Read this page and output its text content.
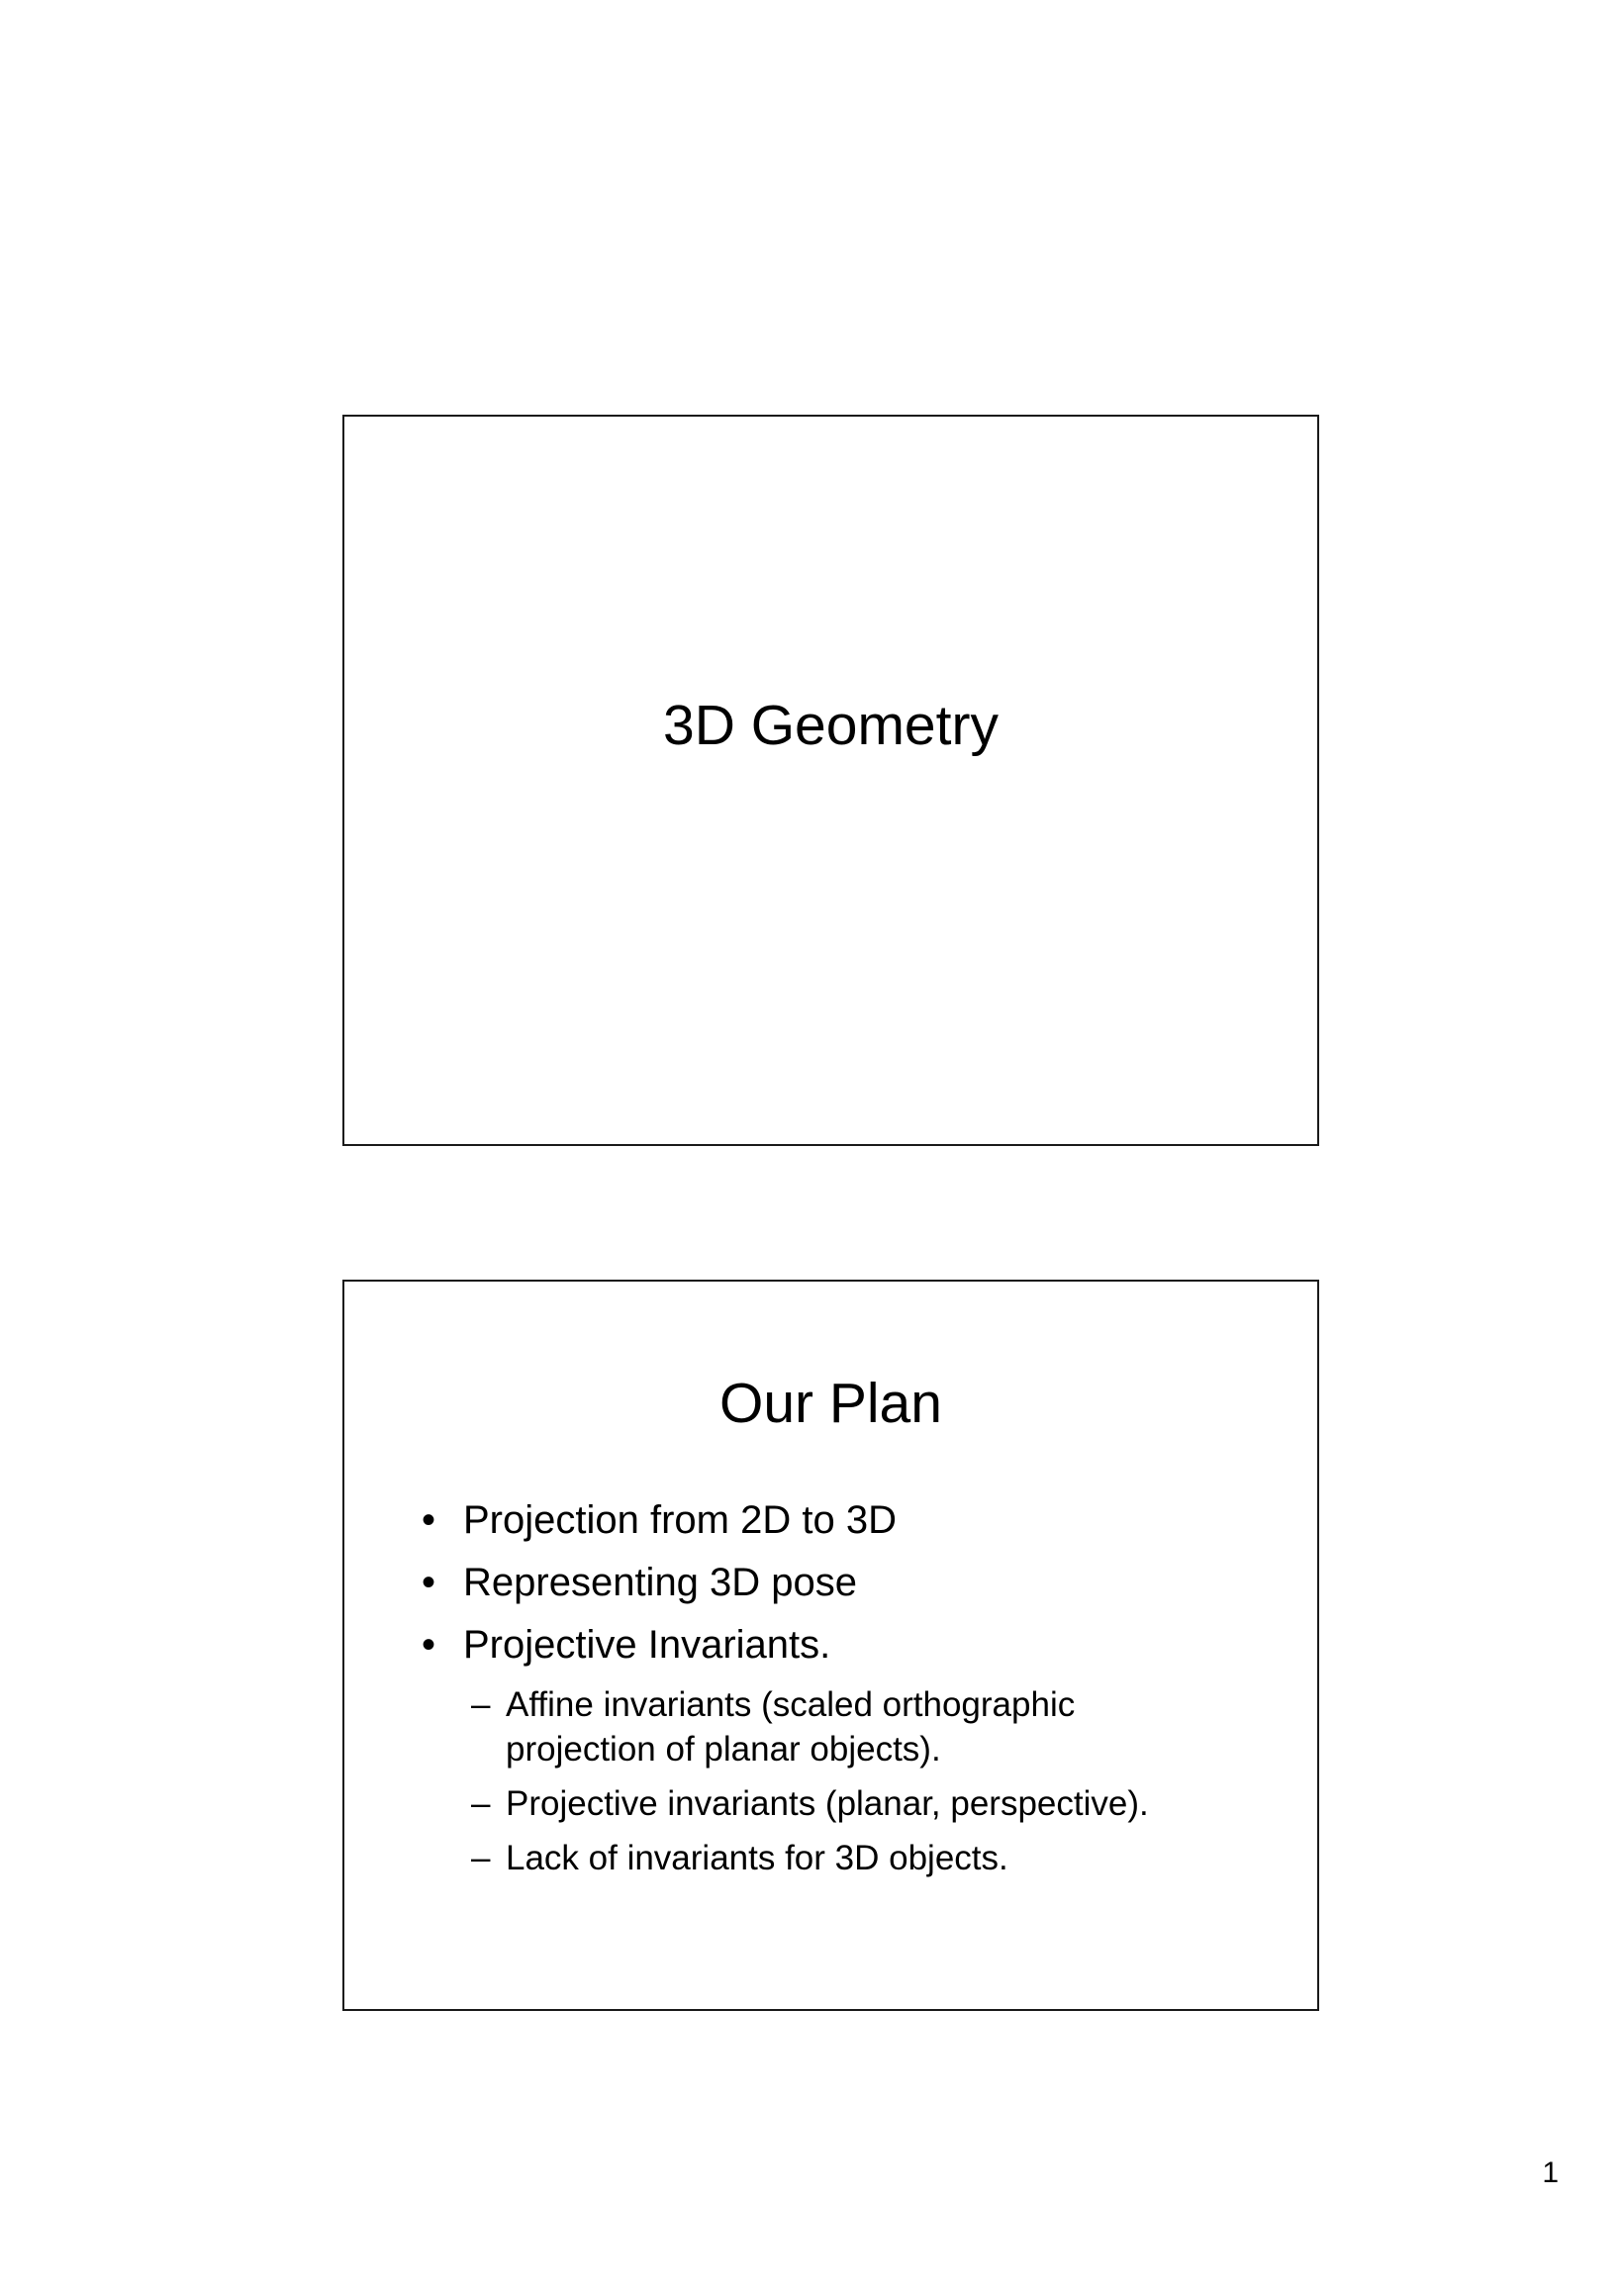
3D Geometry
Our Plan
• Projection from 2D to 3D
• Representing 3D pose
• Projective Invariants.
– Affine invariants (scaled orthographic
projection of planar objects).
– Projective invariants (planar, perspective).
– Lack of invariants for 3D objects.
1
